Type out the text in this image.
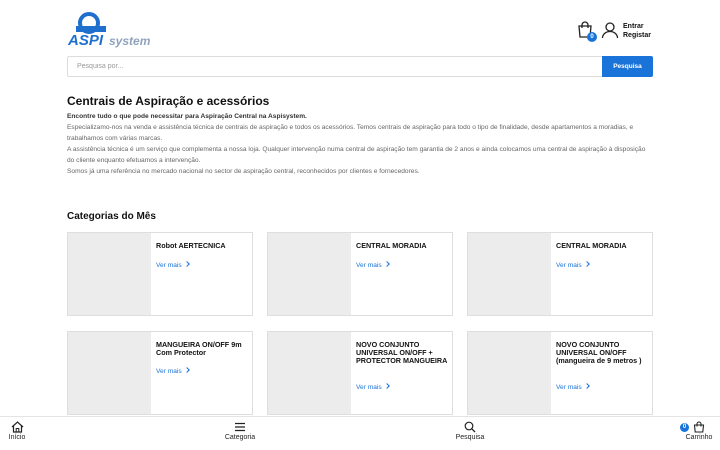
ASPI system	0
Entrar
Registar
Pesquisa por...
Pesquisa
Centrais de Aspiração e acessórios
Encontre tudo o que pode necessitar para Aspiração Central na Aspisystem.

Especializamo-nos na venda e assistência técnica de centrais de aspiração e todos os acessórios. Temos centrais de aspiração para todo o tipo de finalidade, desde apartamentos a moradias, e trabalhamos com várias marcas.

A assistência técnica é um serviço que complementa a nossa loja. Qualquer intervenção numa central de aspiração tem garantia de 2 anos e ainda colocamos uma central de aspiração à disposição do cliente enquanto efetuamos a intervenção.

Somos já uma referência no mercado nacional no sector de aspiração central, reconhecidos por clientes e fornecedores.

Categorias do Mês
Robot AERTECNICA
Ver mais
CENTRAL MORADIA
Ver mais
CENTRAL MORADIA
Ver mais
MANGUEIRA ON/OFF 9m Com Protector
Ver mais
NOVO CONJUNTO UNIVERSAL ON/OFF + PROTECTOR MANGUEIRA
Ver mais
NOVO CONJUNTO UNIVERSAL ON/OFF (mangueira de 9 metros )
Ver mais
Início	Categoria	Pesquisa	Carrinho
0
